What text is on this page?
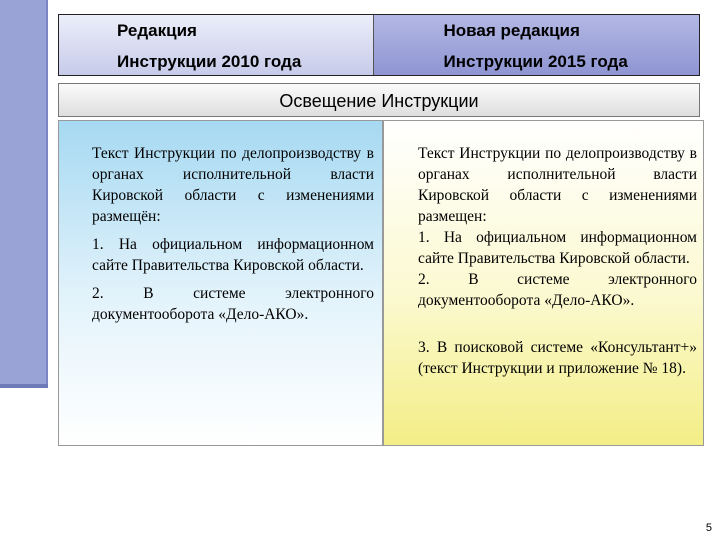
Редакция
Инструкции 2010 года
Новая редакция
Инструкции 2015 года
Освещение Инструкции

Текст Инструкции по делопроизводству в органах исполнительной власти Кировской области с изменениями размещён:

1. На официальном информационном сайте Правительства Кировской области.

2. В системе электронного документооборота «Дело-АКО».

Текст Инструкции по делопроизводству в органах исполнительной власти Кировской области с изменениями размещен:

1. На официальном информационном сайте Правительства Кировской области.

2. В системе электронного документооборота «Дело-АКО».

3. В поисковой системе «Консультант+» (текст Инструкции и приложение № 18).

5
